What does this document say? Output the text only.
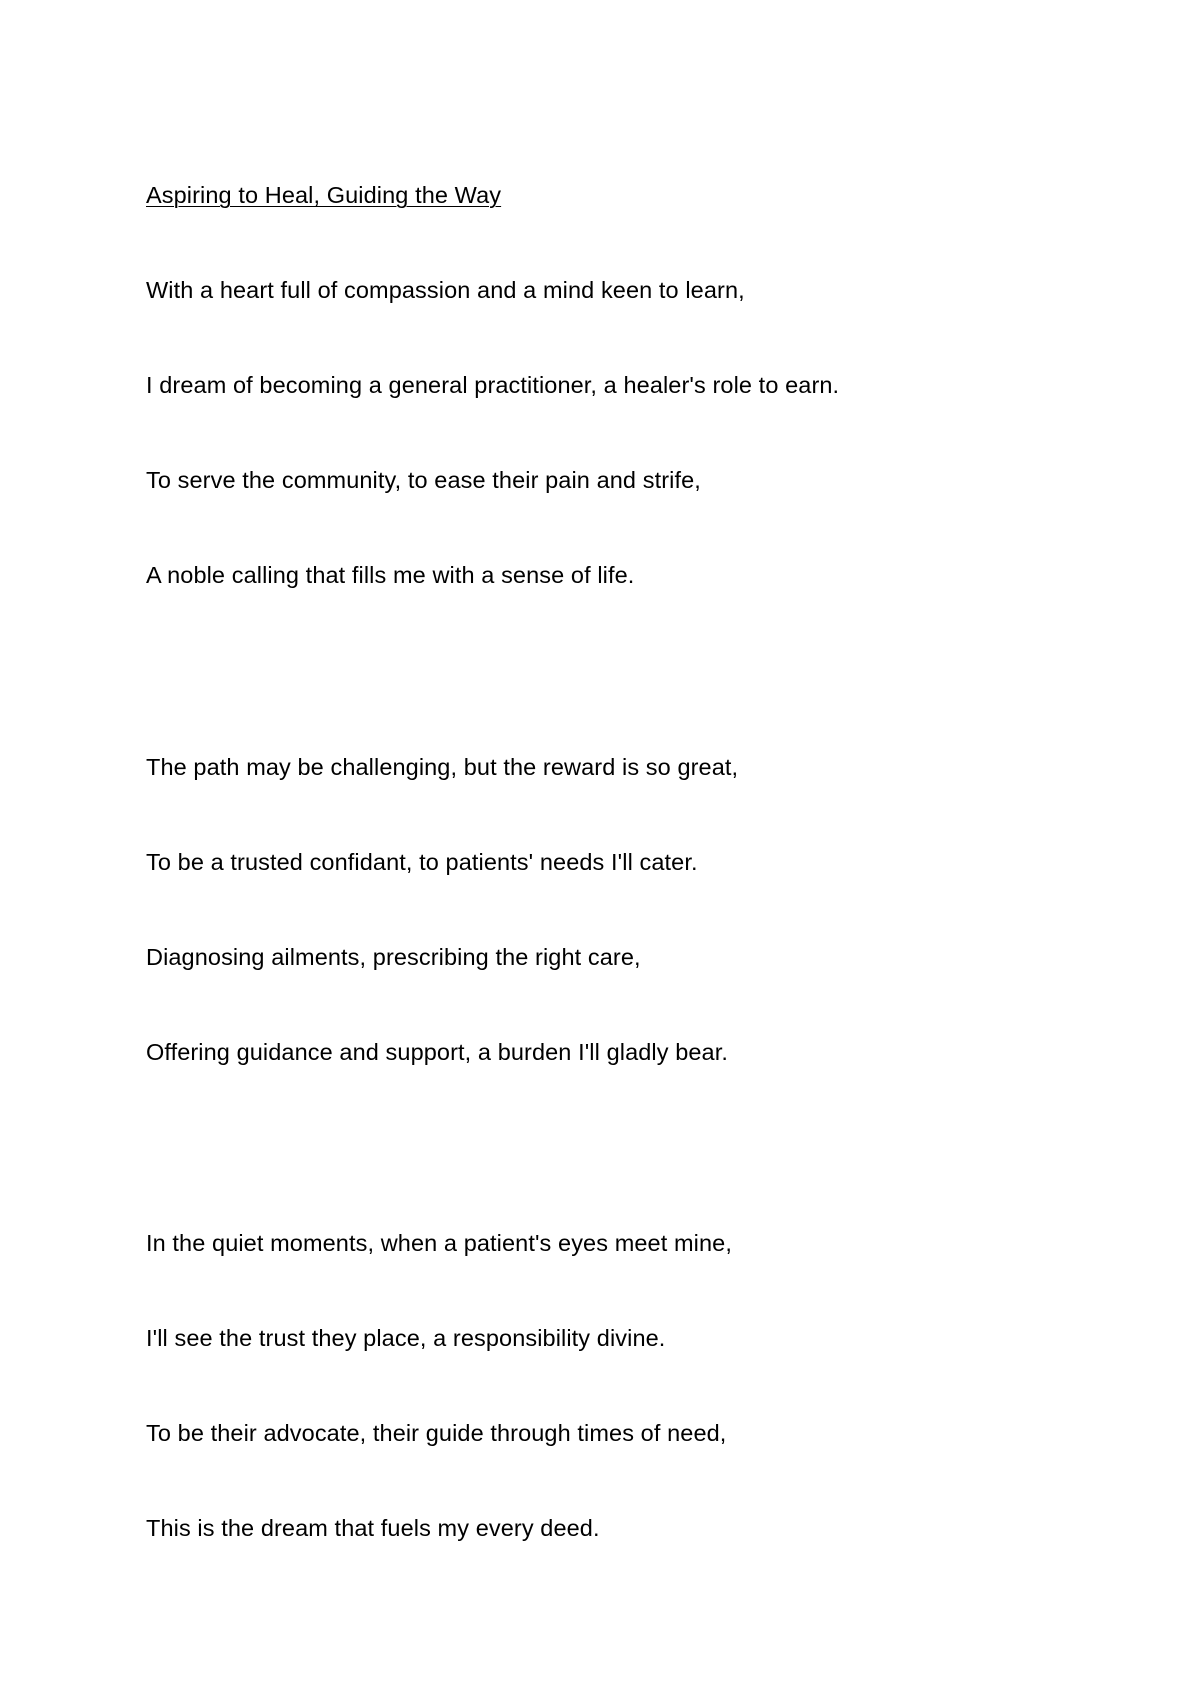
Aspiring to Heal, Guiding the Way
With a heart full of compassion and a mind keen to learn,
I dream of becoming a general practitioner, a healer's role to earn.
To serve the community, to ease their pain and strife,
A noble calling that fills me with a sense of life.
The path may be challenging, but the reward is so great,
To be a trusted confidant, to patients' needs I'll cater.
Diagnosing ailments, prescribing the right care,
Offering guidance and support, a burden I'll gladly bear.
In the quiet moments, when a patient's eyes meet mine,
I'll see the trust they place, a responsibility divine.
To be their advocate, their guide through times of need,
This is the dream that fuels my every deed.
